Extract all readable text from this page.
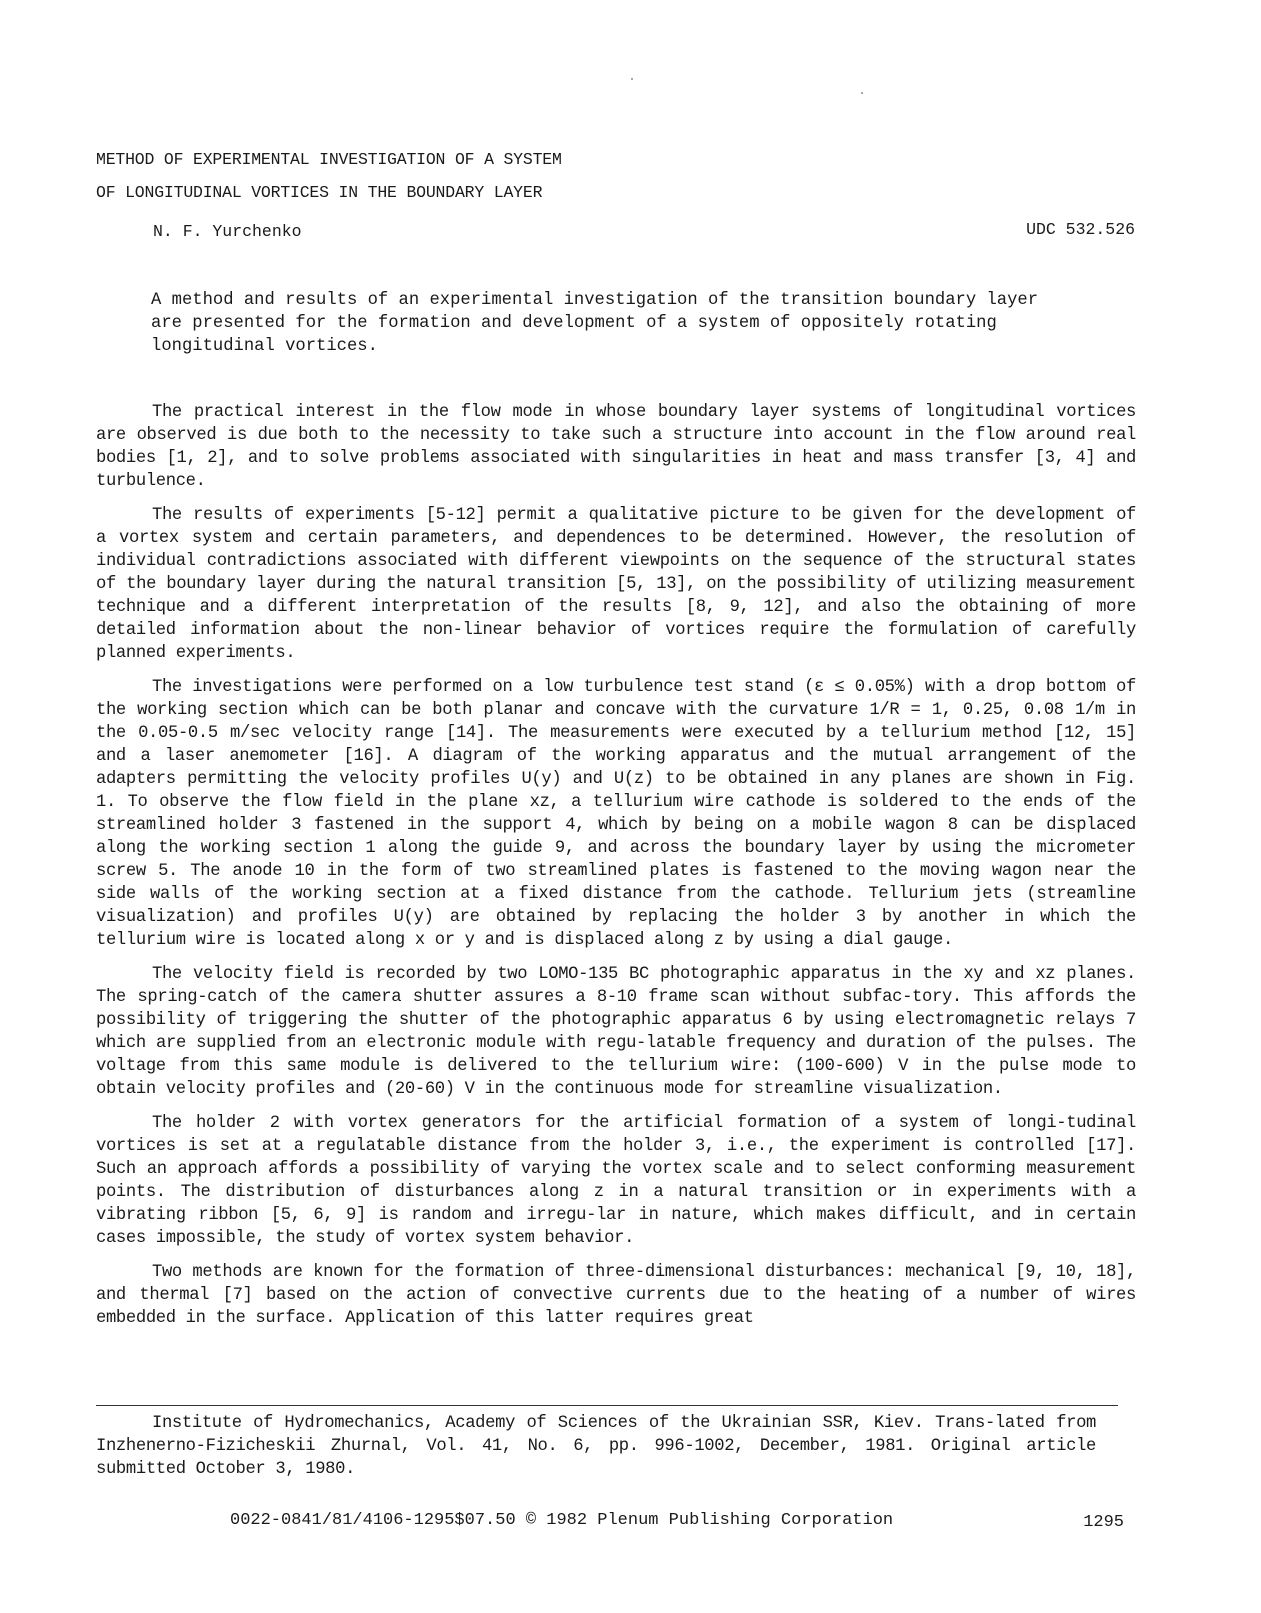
METHOD OF EXPERIMENTAL INVESTIGATION OF A SYSTEM
OF LONGITUDINAL VORTICES IN THE BOUNDARY LAYER

N. F. Yurchenko	UDC 532.526

A method and results of an experimental investigation of the transition boundary layer are presented for the formation and development of a system of oppositely rotating longitudinal vortices.

The practical interest in the flow mode in whose boundary layer systems of longitudinal vortices are observed is due both to the necessity to take such a structure into account in the flow around real bodies [1, 2], and to solve problems associated with singularities in heat and mass transfer [3, 4] and turbulence.

The results of experiments [5-12] permit a qualitative picture to be given for the development of a vortex system and certain parameters, and dependences to be determined. However, the resolution of individual contradictions associated with different viewpoints on the sequence of the structural states of the boundary layer during the natural transition [5, 13], on the possibility of utilizing measurement technique and a different interpretation of the results [8, 9, 12], and also the obtaining of more detailed information about the non-linear behavior of vortices require the formulation of carefully planned experiments.

The investigations were performed on a low turbulence test stand (ε ≤ 0.05%) with a drop bottom of the working section which can be both planar and concave with the curvature 1/R = 1, 0.25, 0.08 1/m in the 0.05-0.5 m/sec velocity range [14]. The measurements were executed by a tellurium method [12, 15] and a laser anemometer [16]. A diagram of the working apparatus and the mutual arrangement of the adapters permitting the velocity profiles U(y) and U(z) to be obtained in any planes are shown in Fig. 1. To observe the flow field in the plane xz, a tellurium wire cathode is soldered to the ends of the streamlined holder 3 fastened in the support 4, which by being on a mobile wagon 8 can be displaced along the working section 1 along the guide 9, and across the boundary layer by using the micrometer screw 5. The anode 10 in the form of two streamlined plates is fastened to the moving wagon near the side walls of the working section at a fixed distance from the cathode. Tellurium jets (streamline visualization) and profiles U(y) are obtained by replacing the holder 3 by another in which the tellurium wire is located along x or y and is displaced along z by using a dial gauge.

The velocity field is recorded by two LOMO-135 BC photographic apparatus in the xy and xz planes. The spring-catch of the camera shutter assures a 8-10 frame scan without subfac-tory. This affords the possibility of triggering the shutter of the photographic apparatus 6 by using electromagnetic relays 7 which are supplied from an electronic module with regu-latable frequency and duration of the pulses. The voltage from this same module is delivered to the tellurium wire: (100-600) V in the pulse mode to obtain velocity profiles and (20-60) V in the continuous mode for streamline visualization.

The holder 2 with vortex generators for the artificial formation of a system of longi-tudinal vortices is set at a regulatable distance from the holder 3, i.e., the experiment is controlled [17]. Such an approach affords a possibility of varying the vortex scale and to select conforming measurement points. The distribution of disturbances along z in a natural transition or in experiments with a vibrating ribbon [5, 6, 9] is random and irregu-lar in nature, which makes difficult, and in certain cases impossible, the study of vortex system behavior.

Two methods are known for the formation of three-dimensional disturbances: mechanical [9, 10, 18], and thermal [7] based on the action of convective currents due to the heating of a number of wires embedded in the surface. Application of this latter requires great

Institute of Hydromechanics, Academy of Sciences of the Ukrainian SSR, Kiev. Trans-lated from Inzhenerno-Fizicheskii Zhurnal, Vol. 41, No. 6, pp. 996-1002, December, 1981. Original article submitted October 3, 1980.

0022-0841/81/4106-1295$07.50 © 1982 Plenum Publishing Corporation	1295
